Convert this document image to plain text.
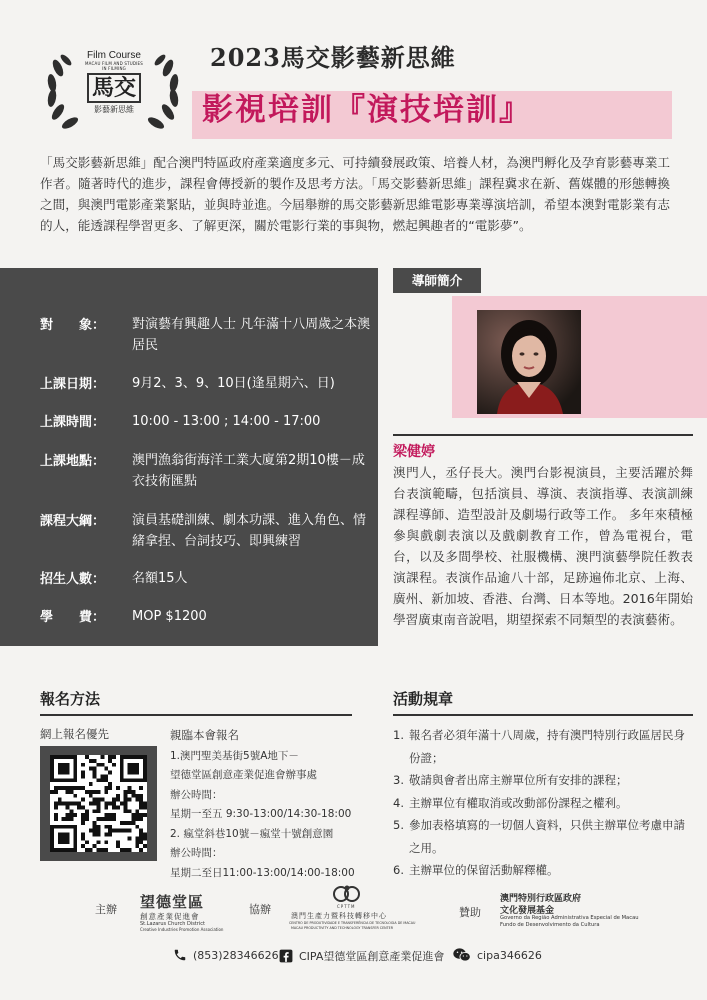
Film Course
MACAU FILM AND STUDIES IN FILMING
馬交
影藝新思維
2023馬交影藝新思維
影視培訓『演技培訓』
「馬交影藝新思維」配合澳門特區政府產業適度多元、可持續發展政策、培養人材，為澳門孵化及孕育影藝專業工作者。隨著時代的進步，課程會傳授新的製作及思考方法。「馬交影藝新思維」課程冀求在新、舊媒體的形態轉換之間，與澳門電影產業緊貼，並與時並進。今屆舉辦的馬交影藝新思維電影專業導演培訓，希望本澳對電影業有志的人，能透課程學習更多、了解更深，關於電影行業的事與物，燃起興趣者的“電影夢”。
對　　象：	對演藝有興趣人士 凡年滿十八周歲之本澳居民
上課日期：	9月2、3、9、10日(逢星期六、日)
上課時間：	10:00 - 13:00 ; 14:00 - 17:00
上課地點：	澳門漁翁街海洋工業大廈第2期10樓－成衣技術匯點
課程大綱：	演員基礎訓練、劇本功課、進入角色、情緒拿捏、台詞技巧、即興練習
招生人數：	名額15人
學　　費：	MOP $1200
導師簡介
梁健婷
澳門人，丞仔長大。澳門台影視演員，主要活躍於舞台表演範疇，包括演員、導演、表演指導、表演訓練課程導師、造型設計及劇場行政等工作。 多年來積極參與戲劇表演以及戲劇教育工作，曾為電視台，電台，以及多間學校、社服機構、澳門演藝學院任教表演課程。表演作品逾八十部，足跡遍佈北京、上海、廣州、新加坡、香港、台灣、日本等地。2016年開始學習廣東南音說唱，期望探索不同類型的表演藝術。
報名方法
網上報名優先	親臨本會報名
1.澳門聖美基街5號A地下－
望德堂區創意產業促進會辦事處
辦公時間：
星期一至五 9:30-13:00/14:30-18:00
2. 瘋堂斜巷10號－瘋堂十號創意園
辦公時間：
星期二至日11:00-13:00/14:00-18:00
活動規章
1. 報名者必須年滿十八周歲，持有澳門特別行政區居民身份證；
3. 敬請與會者出席主辦單位所有安排的課程；
4. 主辦單位有權取消或改動部份課程之權利。
5. 參加表格填寫的一切個人資料，只供主辦單位考慮申請之用。
6. 主辦單位的保留活動解釋權。
主辦 望德堂區
創意產業促進會
St.Lazarus Church District
Creative Industries Promotion Association
協辦	CPTTM
澳門生產力暨科技轉移中心
CENTRO DE PRODUTIVIDADE E TRANSFERÊNCIA DE TECNOLOGIA DE MACAU
MACAU PRODUCTIVITY AND TECHNOLOGY TRANSFER CENTER
贊助
澳門特別行政區政府
文化發展基金
Governo da Região Administrativa Especial de Macau
Fundo de Desenvolvimento da Cultura
(853)28346626 CIPA望德堂區創意產業促進會	cipa346626
